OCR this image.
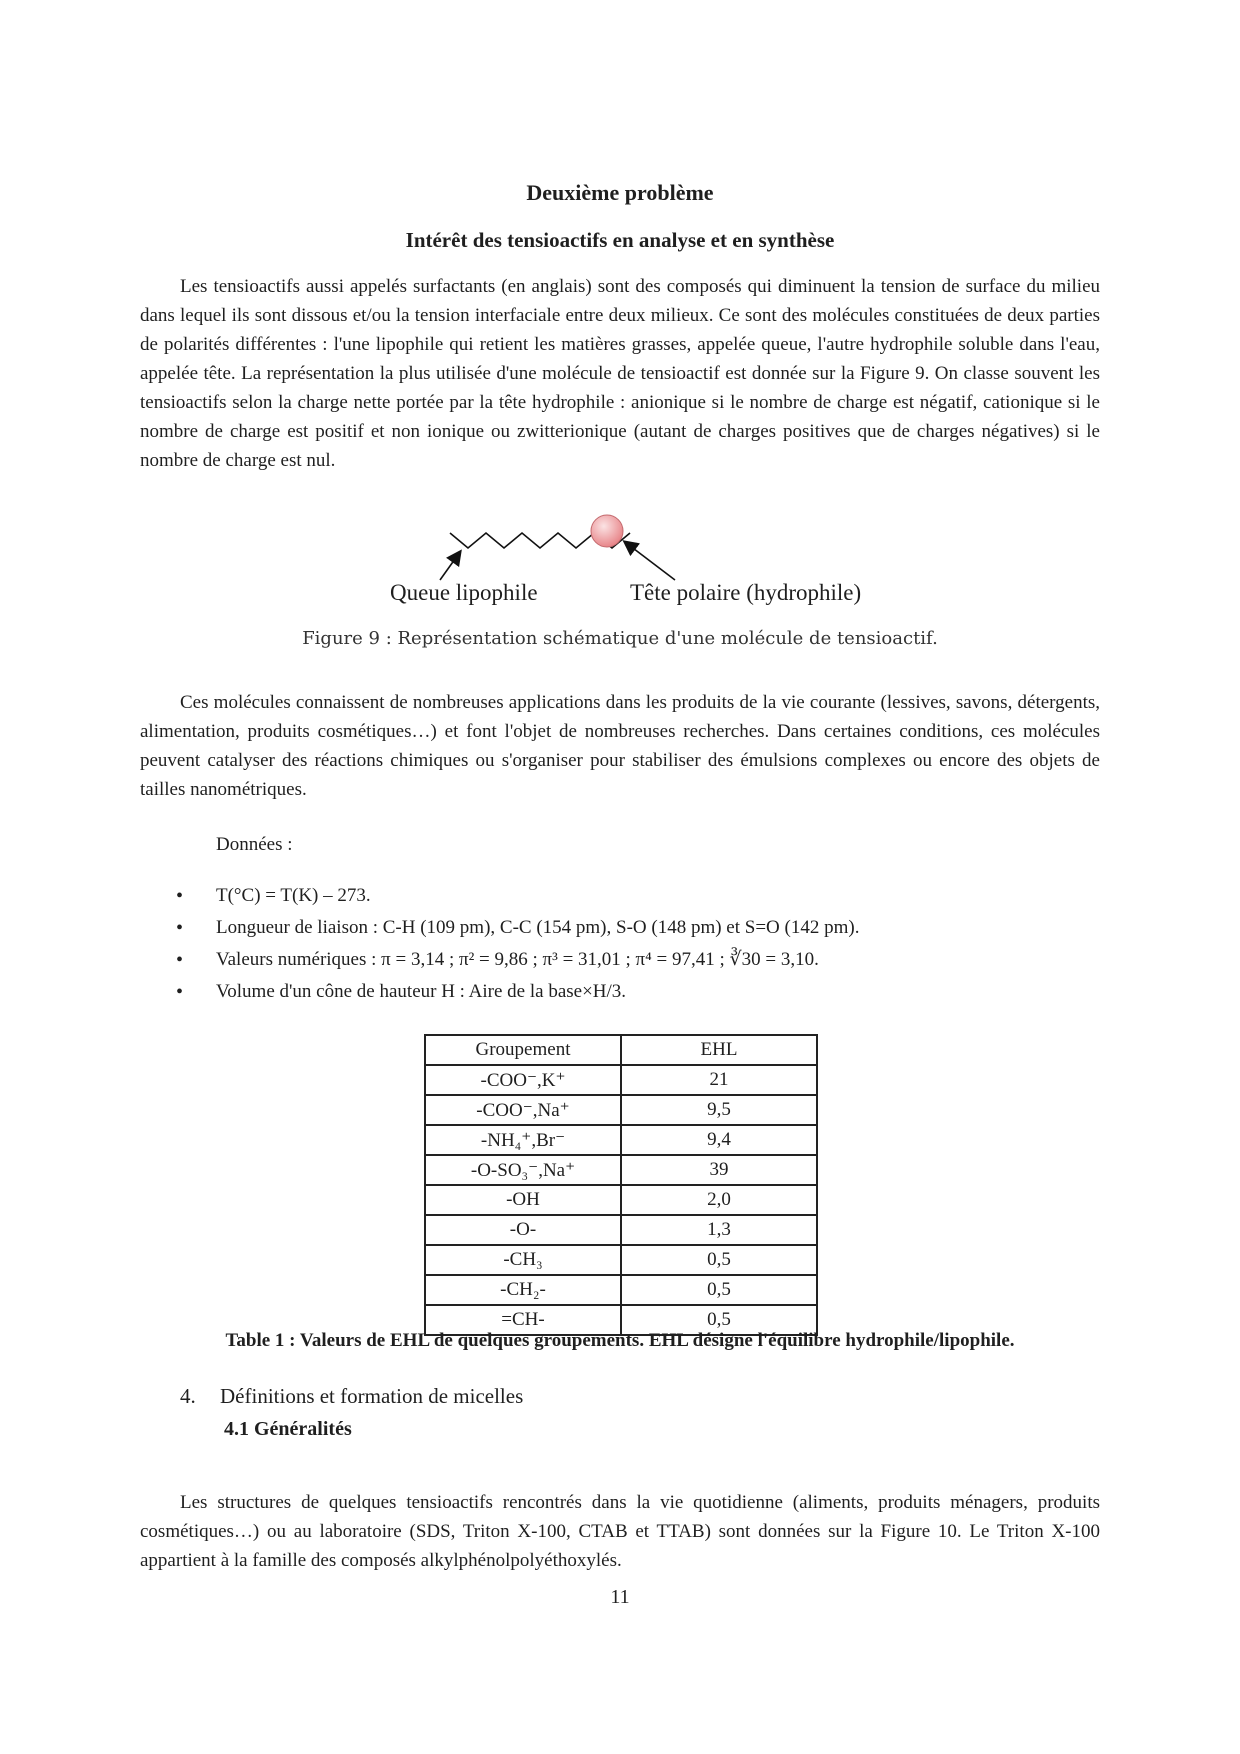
Deuxième problème
Intérêt des tensioactifs en analyse et en synthèse
Les tensioactifs aussi appelés surfactants (en anglais) sont des composés qui diminuent la tension de surface du milieu dans lequel ils sont dissous et/ou la tension interfaciale entre deux milieux. Ce sont des molécules constituées de deux parties de polarités différentes : l'une lipophile qui retient les matières grasses, appelée queue, l'autre hydrophile soluble dans l'eau, appelée tête. La représentation la plus utilisée d'une molécule de tensioactif est donnée sur la Figure 9. On classe souvent les tensioactifs selon la charge nette portée par la tête hydrophile : anionique si le nombre de charge est négatif, cationique si le nombre de charge est positif et non ionique ou zwitterionique (autant de charges positives que de charges négatives) si le nombre de charge est nul.
Queue lipophile	Tête polaire (hydrophile)
Figure 9 : Représentation schématique d'une molécule de tensioactif.
Ces molécules connaissent de nombreuses applications dans les produits de la vie courante (lessives, savons, détergents, alimentation, produits cosmétiques…) et font l'objet de nombreuses recherches. Dans certaines conditions, ces molécules peuvent catalyser des réactions chimiques ou s'organiser pour stabiliser des émulsions complexes ou encore des objets de tailles nanométriques.
Données :
• T(°C) = T(K) – 273.
• Longueur de liaison : C-H (109 pm), C-C (154 pm), S-O (148 pm) et S=O (142 pm).
• Valeurs numériques : π = 3,14 ; π² = 9,86 ; π³ = 31,01 ; π⁴ = 97,41 ; ∛30 = 3,10.
• Volume d'un cône de hauteur H : Aire de la base×H/3.
Groupement	EHL
-COO⁻,K⁺	21
-COO⁻,Na⁺	9,5
-NH₄⁺,Br⁻	9,4
-O-SO₃⁻,Na⁺	39
-OH	2,0
-O-	1,3
-CH₃	0,5
-CH₂-	0,5
=CH-	0,5
Table 1 : Valeurs de EHL de quelques groupements. EHL désigne l'équilibre hydrophile/lipophile.
4. Définitions et formation de micelles
4.1 Généralités
Les structures de quelques tensioactifs rencontrés dans la vie quotidienne (aliments, produits ménagers, produits cosmétiques…) ou au laboratoire (SDS, Triton X-100, CTAB et TTAB) sont données sur la Figure 10. Le Triton X-100 appartient à la famille des composés alkylphénolpolyéthoxylés.
11
